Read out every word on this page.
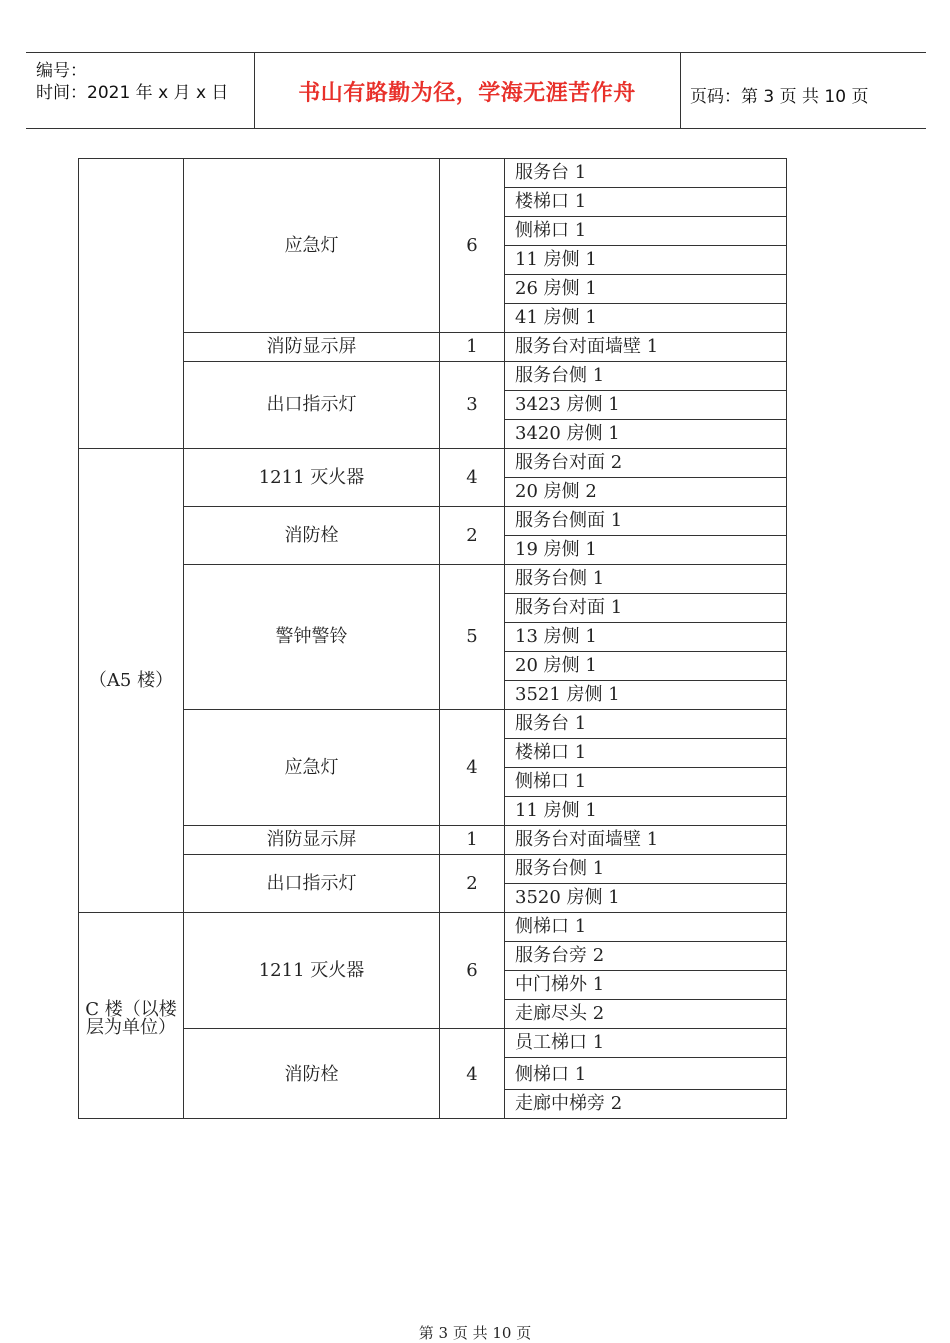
编号：
时间：2021 年 x 月 x 日	书山有路勤为径，学海无涯苦作舟	页码：第 3 页 共 10 页
	应急灯	6	服务台 1
			楼梯口 1
			侧梯口 1
			11 房侧 1
			26 房侧 1
			41 房侧 1
	消防显示屏	1	服务台对面墙壁 1
	出口指示灯	3	服务台侧 1
			3423 房侧 1
			3420 房侧 1
（A5 楼）	1211 灭火器	4	服务台对面 2
			20 房侧 2
	消防栓	2	服务台侧面 1
			19 房侧 1
	警钟警铃	5	服务台侧 1
			服务台对面 1
			13 房侧 1
			20 房侧 1
			3521 房侧 1
	应急灯	4	服务台 1
			楼梯口 1
			侧梯口 1
			11 房侧 1
	消防显示屏	1	服务台对面墙壁 1
	出口指示灯	2	服务台侧 1
			3520 房侧 1
C 楼（以楼层为单位）	1211 灭火器	6	侧梯口 1
			服务台旁 2
			中门梯外 1
			走廊尽头 2
	消防栓	4	员工梯口 1
			侧梯口 1
			走廊中梯旁 2
第 3 页 共 10 页
